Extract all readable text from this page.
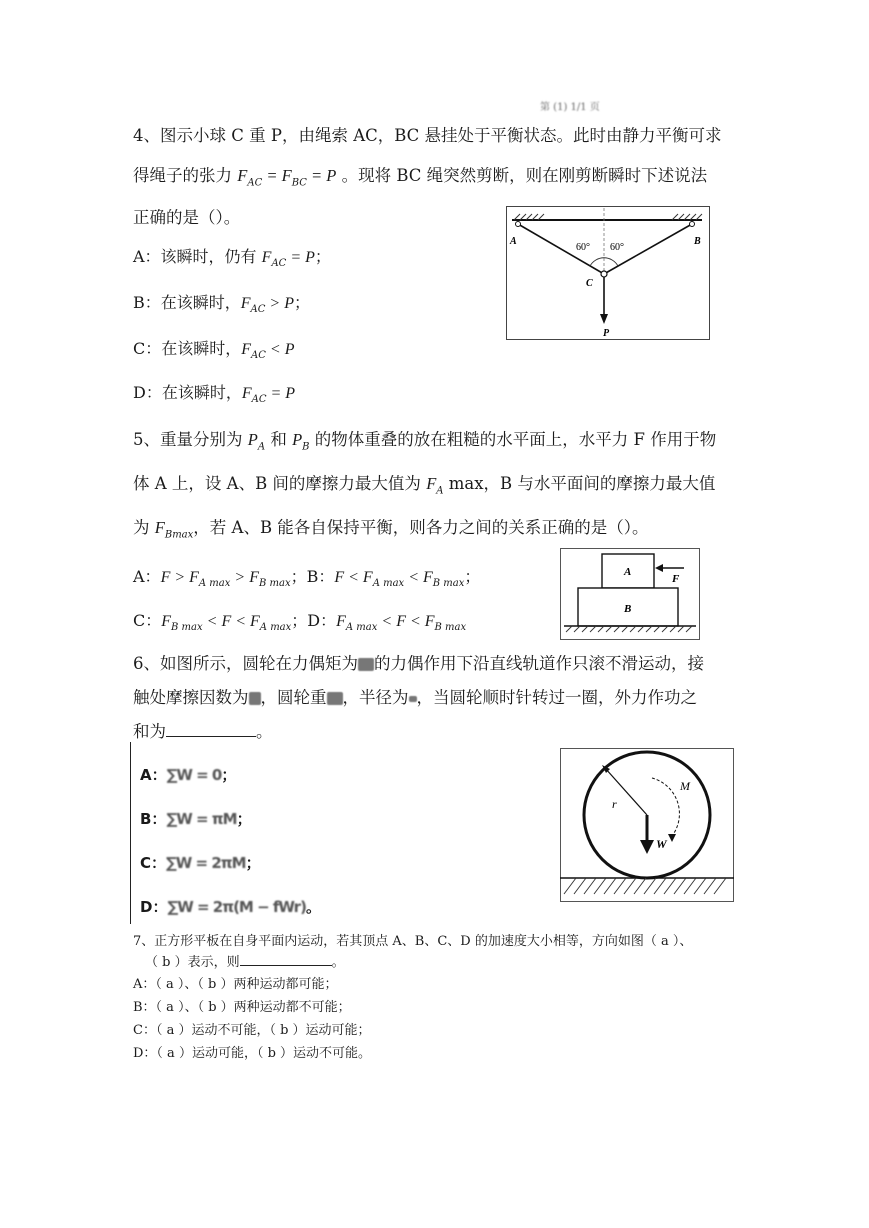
第 (1) 1/1 页
4、图示小球 C 重 P，由绳索 AC，BC 悬挂处于平衡状态。此时由静力平衡可求
得绳子的张力 $F_{AC} = F_{BC} = P$ 。现将 BC 绳突然剪断，则在刚剪断瞬时下述说法
正确的是（）。
A：该瞬时，仍有 $F_{AC} = P$；
B：在该瞬时，$F_{AC} > P$；
C：在该瞬时，$F_{AC} < P$
D：在该瞬时，$F_{AC} = P$
A	B
C
P
60° 60°
5、重量分别为 $P_A$ 和 $P_B$ 的物体重叠的放在粗糙的水平面上，水平力 F 作用于物
体 A 上，设 A、B 间的摩擦力最大值为 $F_A$ max，B 与水平面间的摩擦力最大值
为 $F_{Bmax}$，若 A、B 能各自保持平衡，则各力之间的关系正确的是（）。
A：$F > F_{A max} > F_{B max}$；B：$F < F_{A max} < F_{B max}$；
C：$F_{B max} < F < F_{A max}$；D：$F_{A max} < F < F_{B max}$
A
B
F
6、如图所示，圆轮在力偶矩为 的力偶作用下沿直线轨道作只滚不滑运动，接
触处摩擦因数为 ，圆轮重 ，半径为 ，当圆轮顺时针转过一圈，外力作功之
和为	。
A：∑W = 0；
B：∑W = πM；
C：∑W = 2πM；
D：∑W = 2π(M − fWr)。
M
r
W
7、正方形平板在自身平面内运动，若其顶点 A、B、C、D 的加速度大小相等，方向如图（ a ）、
（ b ）表示，则	。
A：（ a ）、（ b ）两种运动都可能；
B：（ a ）、（ b ）两种运动都不可能；
C：（ a ）运动不可能，（ b ）运动可能；
D：（ a ）运动可能，（ b ）运动不可能。
